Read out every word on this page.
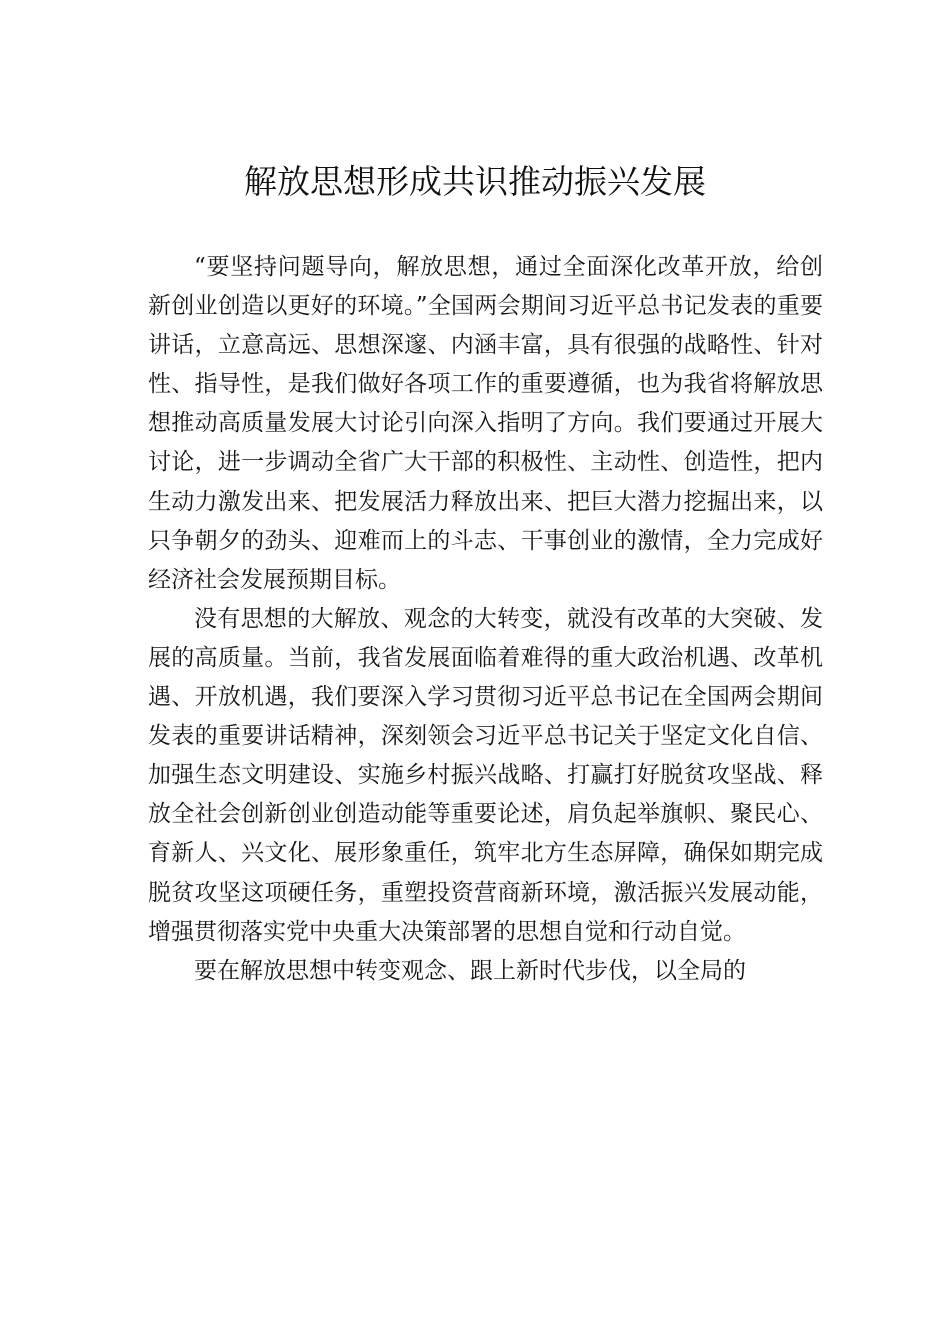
解放思想形成共识推动振兴发展

“要坚持问题导向，解放思想，通过全面深化改革开放，给创新创业创造以更好的环境。”全国两会期间习近平总书记发表的重要讲话，立意高远、思想深邃、内涵丰富，具有很强的战略性、针对性、指导性，是我们做好各项工作的重要遵循，也为我省将解放思想推动高质量发展大讨论引向深入指明了方向。我们要通过开展大讨论，进一步调动全省广大干部的积极性、主动性、创造性，把内生动力激发出来、把发展活力释放出来、把巨大潜力挖掘出来，以只争朝夕的劲头、迎难而上的斗志、干事创业的激情，全力完成好经济社会发展预期目标。

没有思想的大解放、观念的大转变，就没有改革的大突破、发展的高质量。当前，我省发展面临着难得的重大政治机遇、改革机遇、开放机遇，我们要深入学习贯彻习近平总书记在全国两会期间发表的重要讲话精神，深刻领会习近平总书记关于坚定文化自信、加强生态文明建设、实施乡村振兴战略、打赢打好脱贫攻坚战、释放全社会创新创业创造动能等重要论述，肩负起举旗帜、聚民心、育新人、兴文化、展形象重任，筑牢北方生态屏障，确保如期完成脱贫攻坚这项硬任务，重塑投资营商新环境，激活振兴发展动能，增强贯彻落实党中央重大决策部署的思想自觉和行动自觉。

要在解放思想中转变观念、跟上新时代步伐，以全局的
